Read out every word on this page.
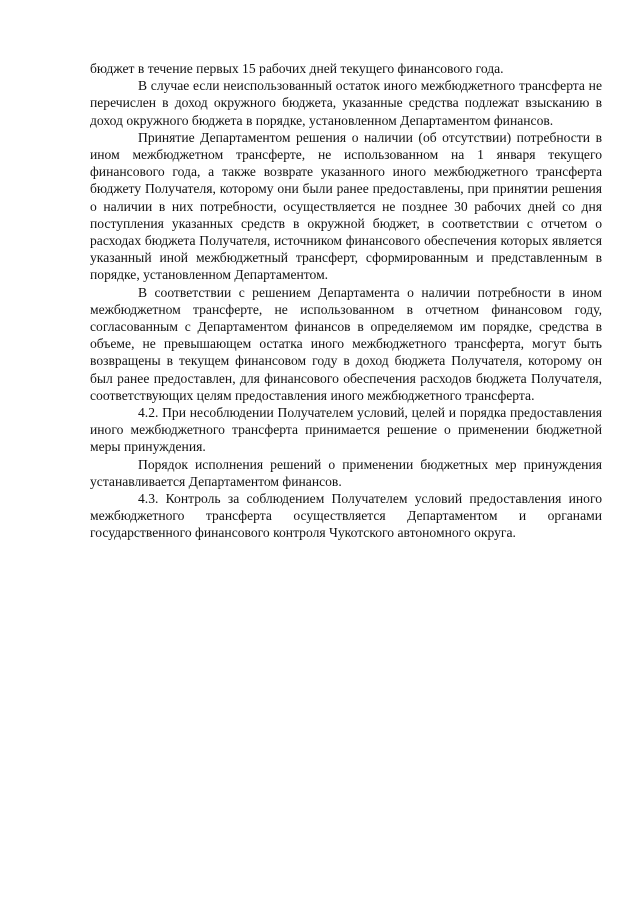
бюджет в течение первых 15 рабочих дней текущего финансового года.

В случае если неиспользованный остаток иного межбюджетного трансферта не перечислен в доход окружного бюджета, указанные средства подлежат взысканию в доход окружного бюджета в порядке, установленном Департаментом финансов.

Принятие Департаментом решения о наличии (об отсутствии) потребности в ином межбюджетном трансферте, не использованном на 1 января текущего финансового года, а также возврате указанного иного межбюджетного трансферта бюджету Получателя, которому они были ранее предоставлены, при принятии решения о наличии в них потребности, осуществляется не позднее 30 рабочих дней со дня поступления указанных средств в окружной бюджет, в соответствии с отчетом о расходах бюджета Получателя, источником финансового обеспечения которых является указанный иной межбюджетный трансферт, сформированным и представленным в порядке, установленном Департаментом.

В соответствии с решением Департамента о наличии потребности в ином межбюджетном трансферте, не использованном в отчетном финансовом году, согласованным с Департаментом финансов в определяемом им порядке, средства в объеме, не превышающем остатка иного межбюджетного трансферта, могут быть возвращены в текущем финансовом году в доход бюджета Получателя, которому он был ранее предоставлен, для финансового обеспечения расходов бюджета Получателя, соответствующих целям предоставления иного межбюджетного трансферта.

4.2. При несоблюдении Получателем условий, целей и порядка предоставления иного межбюджетного трансферта принимается решение о применении бюджетной меры принуждения.

Порядок исполнения решений о применении бюджетных мер принуждения устанавливается Департаментом финансов.

4.3. Контроль за соблюдением Получателем условий предоставления иного межбюджетного трансферта осуществляется Департаментом и органами государственного финансового контроля Чукотского автономного округа.
